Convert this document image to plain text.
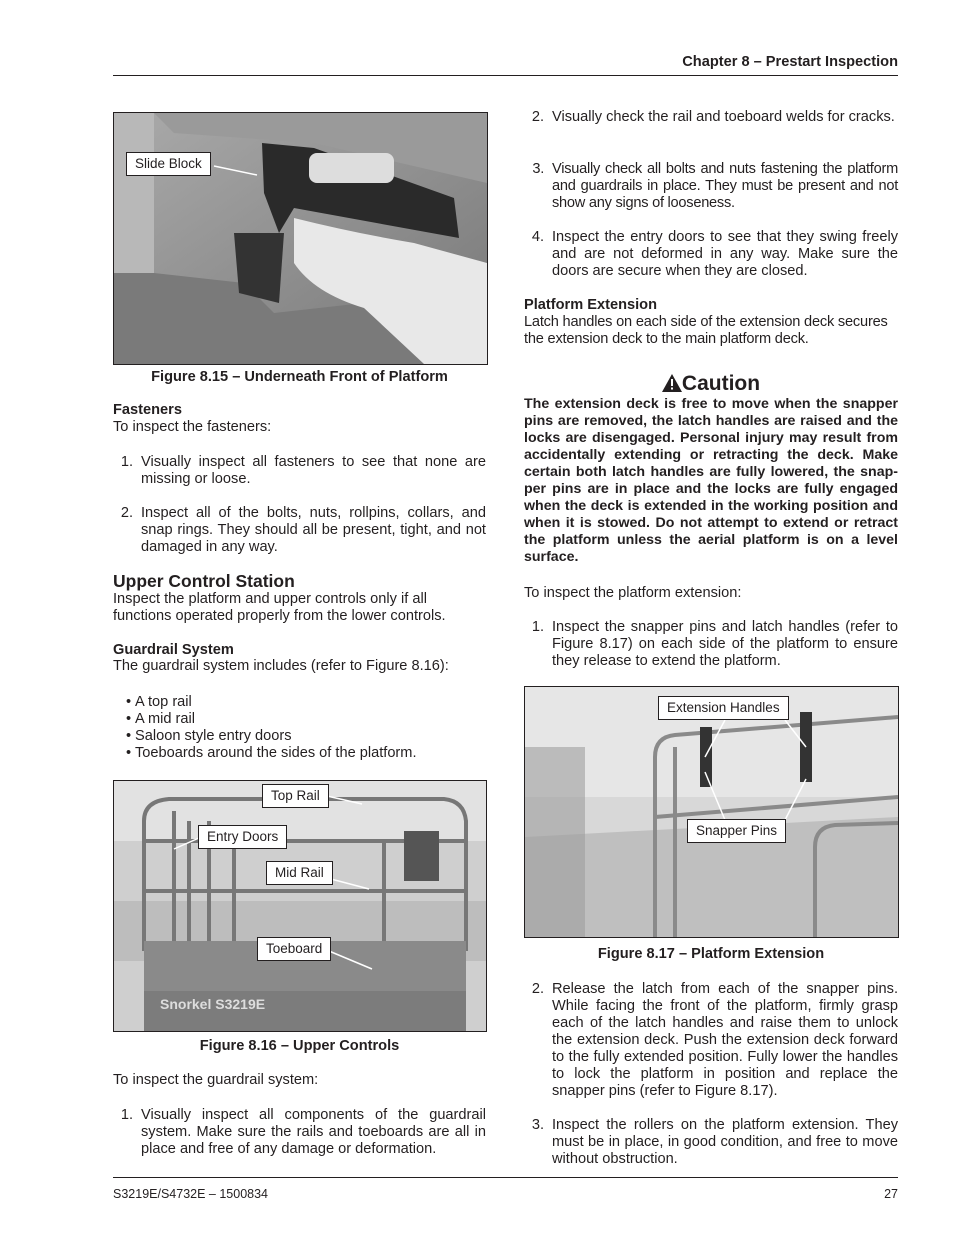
Chapter 8 – Prestart Inspection
Slide Block
Figure 8.15 – Underneath Front of Platform
Fasteners
To inspect the fasteners:
1. Visually inspect all fasteners to see that none are missing or loose.
2. Inspect all of the bolts, nuts, rollpins, collars, and snap rings. They should all be present, tight, and not damaged in any way.
Upper Control Station
Inspect the platform and upper controls only if all functions operated properly from the lower controls.
Guardrail System
The guardrail system includes (refer to Figure 8.16):
• A top rail
• A mid rail
• Saloon style entry doors
• Toeboards around the sides of the platform.
Snorkel S3219E
Top Rail
Entry Doors
Mid Rail
Toeboard
Figure 8.16 – Upper Controls
To inspect the guardrail system:
1. Visually inspect all components of the guardrail system. Make sure the rails and toeboards are all in place and free of any damage or deformation.
2. Visually check the rail and toeboard welds for cracks.
3. Visually check all bolts and nuts fastening the platform and guardrails in place. They must be present and not show any signs of looseness.
4. Inspect the entry doors to see that they swing freely and are not deformed in any way. Make sure the doors are secure when they are closed.
Platform Extension
Latch handles on each side of the extension deck secures the extension deck to the main platform deck.
Caution
The extension deck is free to move when the snapper pins are removed, the latch handles are raised and the locks are disengaged. Personal injury may result from accidentally extending or retracting the deck. Make certain both latch handles are fully lowered, the snap-per pins are in place and the locks are fully engaged when the deck is extended in the working position and when it is stowed. Do not attempt to extend or retract the platform unless the aerial platform is on a level surface.
To inspect the platform extension:
1. Inspect the snapper pins and latch handles (refer to Figure 8.17) on each side of the platform to ensure they release to extend the platform.
Extension Handles
Snapper Pins
Figure 8.17 – Platform Extension
2. Release the latch from each of the snapper pins. While facing the front of the platform, firmly grasp each of the latch handles and raise them to unlock the extension deck. Push the extension deck forward to the fully extended position. Fully lower the handles to lock the platform in position and replace the snapper pins (refer to Figure 8.17).
3. Inspect the rollers on the platform extension. They must be in place, in good condition, and free to move without obstruction.
S3219E/S4732E – 1500834	27
